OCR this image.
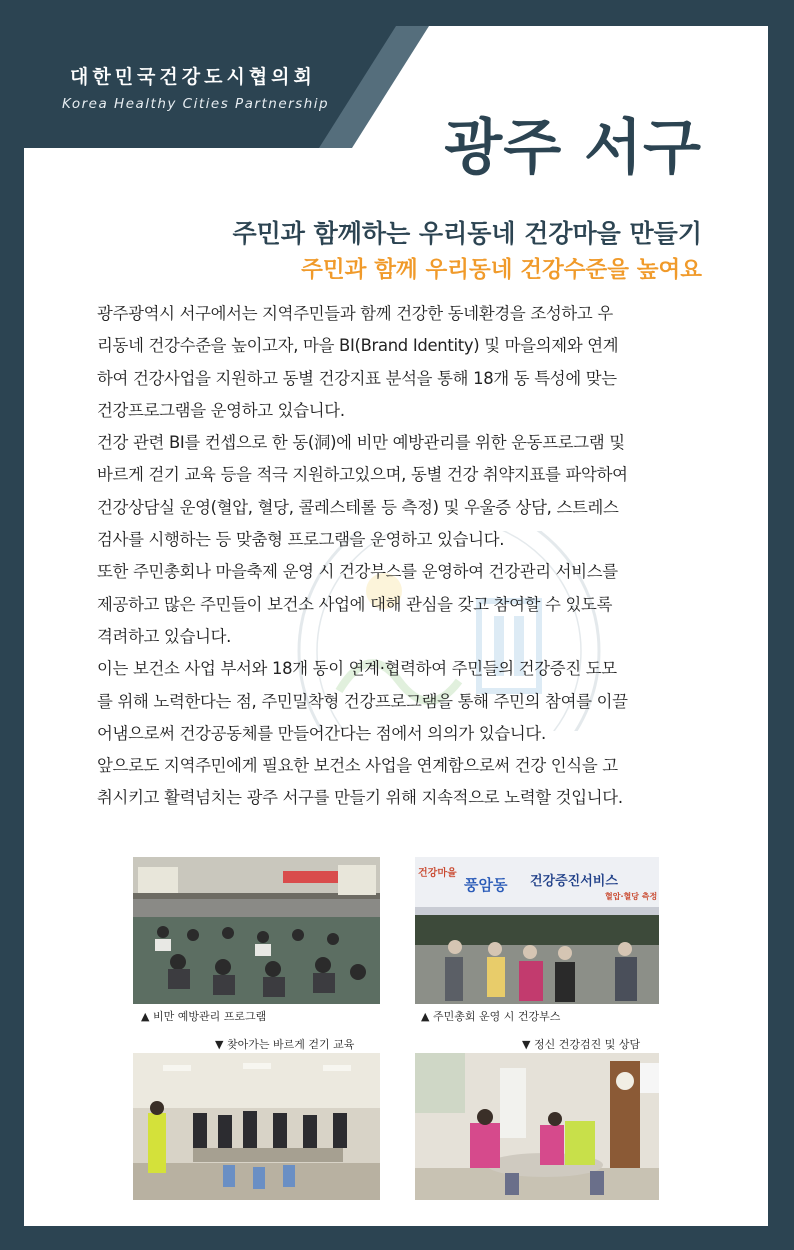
대한민국건강도시협의회
Korea Healthy Cities Partnership
광주 서구
주민과 함께하는 우리동네 건강마을 만들기
주민과 함께 우리동네 건강수준을 높여요

광주광역시 서구에서는 지역주민들과 함께 건강한 동네환경을 조성하고 우

리동네 건강수준을 높이고자, 마을 BI(Brand Identity) 및 마을의제와 연계

하여 건강사업을 지원하고 동별 건강지표 분석을 통해 18개 동 특성에 맞는

건강프로그램을 운영하고 있습니다.

건강 관련 BI를 컨셉으로 한 동(洞)에 비만 예방관리를 위한 운동프로그램 및

바르게 걷기 교육 등을 적극 지원하고있으며, 동별 건강 취약지표를 파악하여

건강상담실 운영(혈압, 혈당, 콜레스테롤 등 측정) 및 우울증 상담, 스트레스

검사를 시행하는 등 맞춤형 프로그램을 운영하고 있습니다.

또한 주민총회나 마을축제 운영 시 건강부스를 운영하여 건강관리 서비스를

제공하고 많은 주민들이 보건소 사업에 대해 관심을 갖고 참여할 수 있도록

격려하고 있습니다.

이는 보건소 사업 부서와 18개 동이 연계·협력하여 주민들의 건강증진 도모

를 위해 노력한다는 점, 주민밀착형 건강프로그램을 통해 주민의 참여를 이끌

어냄으로써 건강공동체를 만들어간다는 점에서 의의가 있습니다.

앞으로도 지역주민에게 필요한 보건소 사업을 연계함으로써 건강 인식을 고

취시키고 활력넘치는 광주 서구를 만들기 위해 지속적으로 노력할 것입니다.

▲ 비만 예방관리 프로그램
건강마을
풍암동 건강증진서비스
혈압·혈당 측정
▲ 주민총회 운영 시 건강부스
▼ 찾아가는 바르게 걷기 교육	▼ 정신 건강검진 및 상담
